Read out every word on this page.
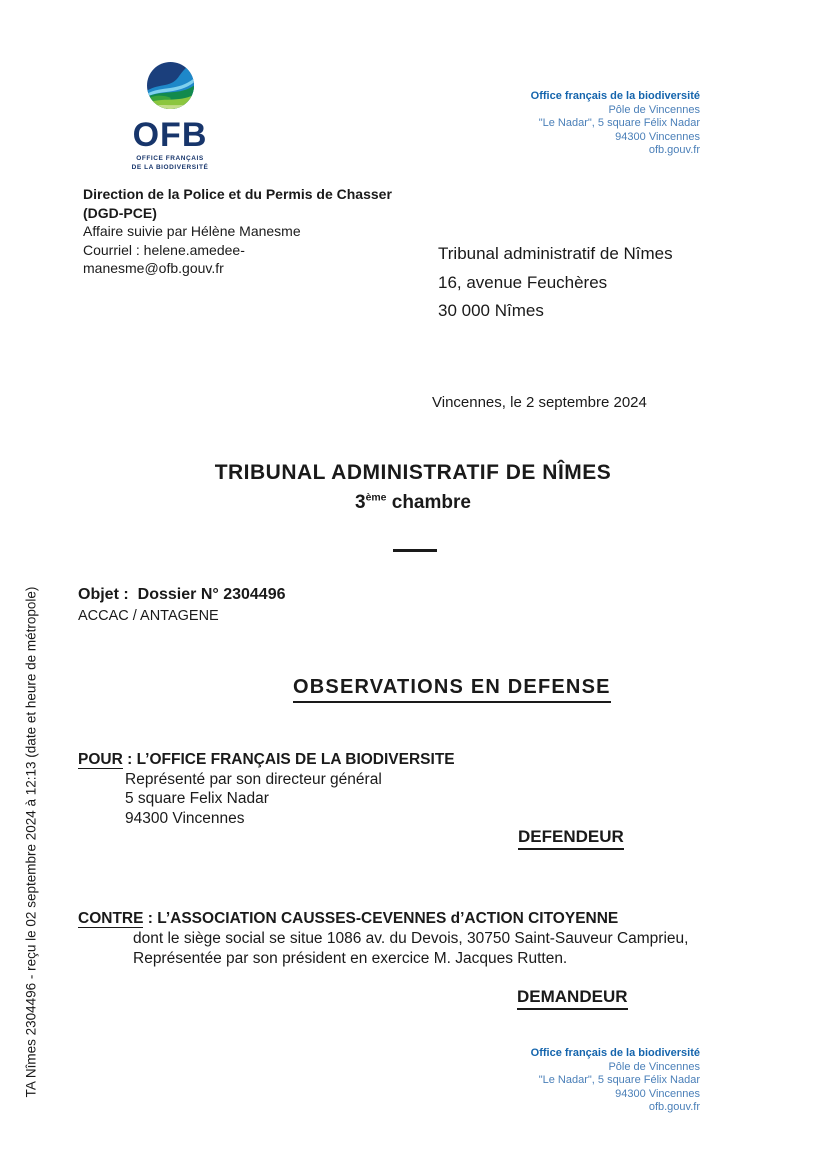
TA Nîmes 2304496 - reçu le 02 septembre 2024 à 12:13 (date et heure de métropole)
OFB
OFFICE FRANÇAIS
DE LA BIODIVERSITÉ
Office français de la biodiversité
Pôle de Vincennes
"Le Nadar", 5 square Félix Nadar
94300 Vincennes
ofb.gouv.fr
Direction de la Police et du Permis de Chasser
(DGD-PCE)
Affaire suivie par Hélène Manesme
Courriel : helene.amedee-
manesme@ofb.gouv.fr
Tribunal administratif de Nîmes
16, avenue Feuchères
30 000 Nîmes
Vincennes, le 2 septembre 2024
TRIBUNAL ADMINISTRATIF DE NÎMES
3ème chambre
Objet : Dossier N° 2304496
ACCAC / ANTAGENE
OBSERVATIONS EN DEFENSE
POUR : L’OFFICE FRANÇAIS DE LA BIODIVERSITE
Représenté par son directeur général
5 square Felix Nadar
94300 Vincennes
DEFENDEUR
CONTRE : L’ASSOCIATION CAUSSES-CEVENNES d’ACTION CITOYENNE
dont le siège social se situe 1086 av. du Devois, 30750 Saint-Sauveur Camprieu,
Représentée par son président en exercice M. Jacques Rutten.
DEMANDEUR
Office français de la biodiversité
Pôle de Vincennes
"Le Nadar", 5 square Félix Nadar
94300 Vincennes
ofb.gouv.fr
